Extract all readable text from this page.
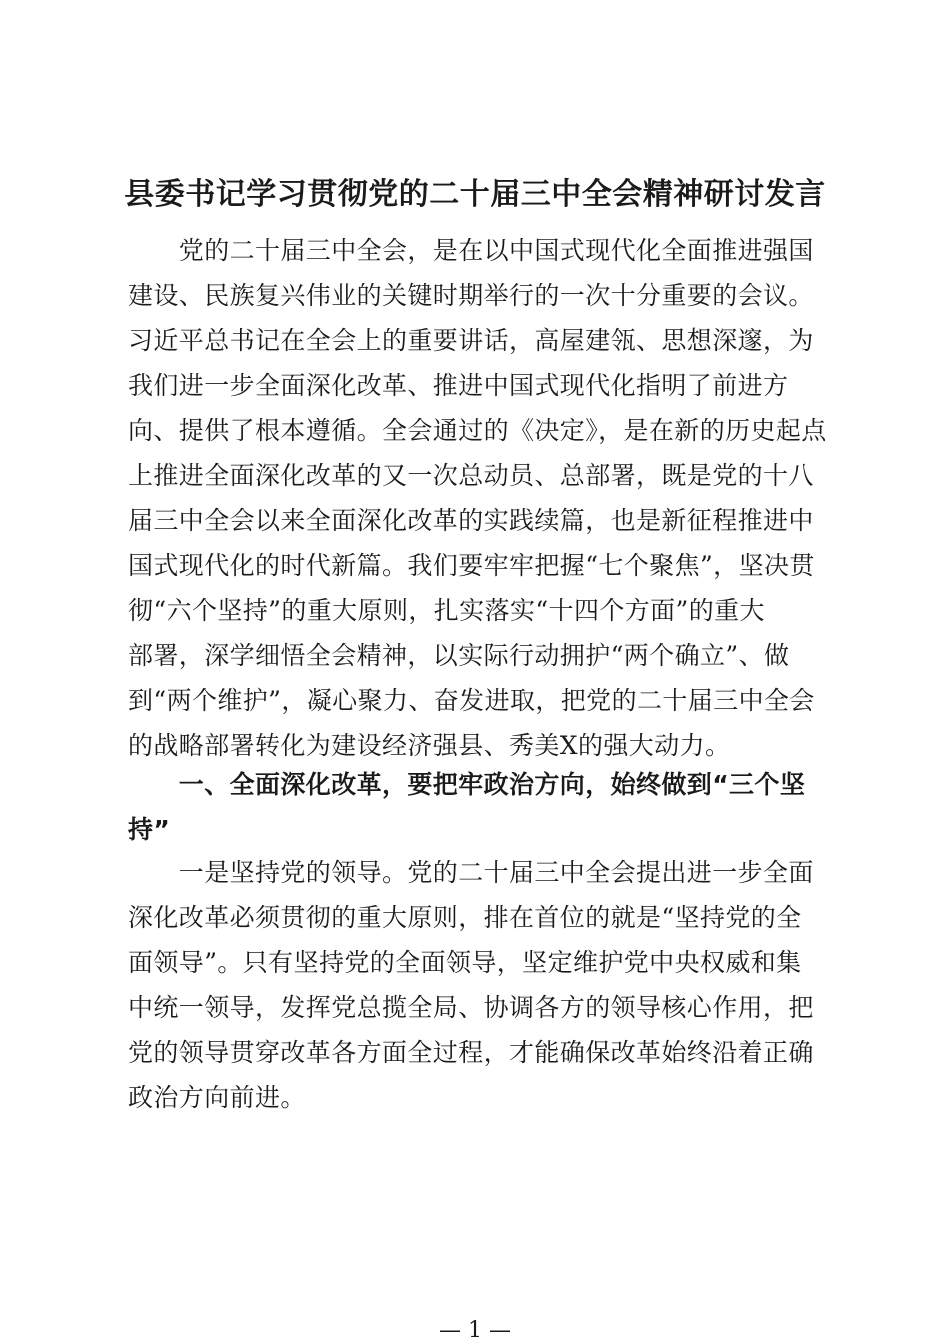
县委书记学习贯彻党的二十届三中全会精神研讨发言
　　党的二十届三中全会，是在以中国式现代化全面推进强国
建设、民族复兴伟业的关键时期举行的一次十分重要的会议。
习近平总书记在全会上的重要讲话，高屋建瓴、思想深邃，为
我们进一步全面深化改革、推进中国式现代化指明了前进方
向、提供了根本遵循。全会通过的《决定》，是在新的历史起点
上推进全面深化改革的又一次总动员、总部署，既是党的十八
届三中全会以来全面深化改革的实践续篇，也是新征程推进中
国式现代化的时代新篇。我们要牢牢把握“七个聚焦”，坚决贯
彻“六个坚持”的重大原则，扎实落实“十四个方面”的重大
部署，深学细悟全会精神，以实际行动拥护“两个确立”、做
到“两个维护”，凝心聚力、奋发进取，把党的二十届三中全会
的战略部署转化为建设经济强县、秀美X的强大动力。
　　一、全面深化改革，要把牢政治方向，始终做到“三个坚
持”
　　一是坚持党的领导。党的二十届三中全会提出进一步全面
深化改革必须贯彻的重大原则，排在首位的就是“坚持党的全
面领导”。只有坚持党的全面领导，坚定维护党中央权威和集
中统一领导，发挥党总揽全局、协调各方的领导核心作用，把
党的领导贯穿改革各方面全过程，才能确保改革始终沿着正确
政治方向前进。
— 1 —
